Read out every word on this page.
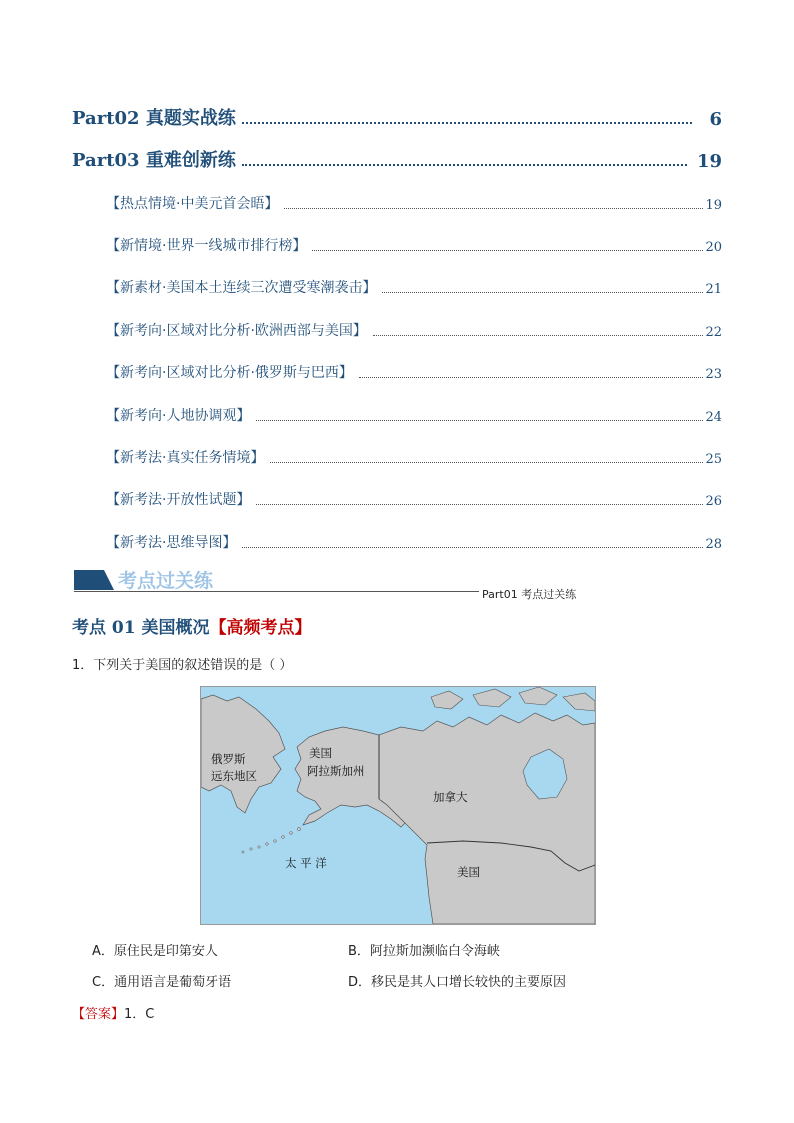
Part02 真题实战练	6
Part03 重难创新练	19
【热点情境·中美元首会晤】	19
【新情境·世界一线城市排行榜】	20
【新素材·美国本土连续三次遭受寒潮袭击】	21
【新考向·区域对比分析·欧洲西部与美国】	22
【新考向·区域对比分析·俄罗斯与巴西】	23
【新考向·人地协调观】	24
【新考法·真实任务情境】	25
【新考法·开放性试题】	26
【新考法·思维导图】	28
考点过关练
Part01 考点过关练
考点 01 美国概况【高频考点】
1．下列关于美国的叙述错误的是（ ）
俄罗斯
远东地区
美国
阿拉斯加州
加拿大
太 平 洋
美国
A．原住民是印第安人	B．阿拉斯加濒临白令海峡
C．通用语言是葡萄牙语	D．移民是其人口增长较快的主要原因
【答案】1．C
